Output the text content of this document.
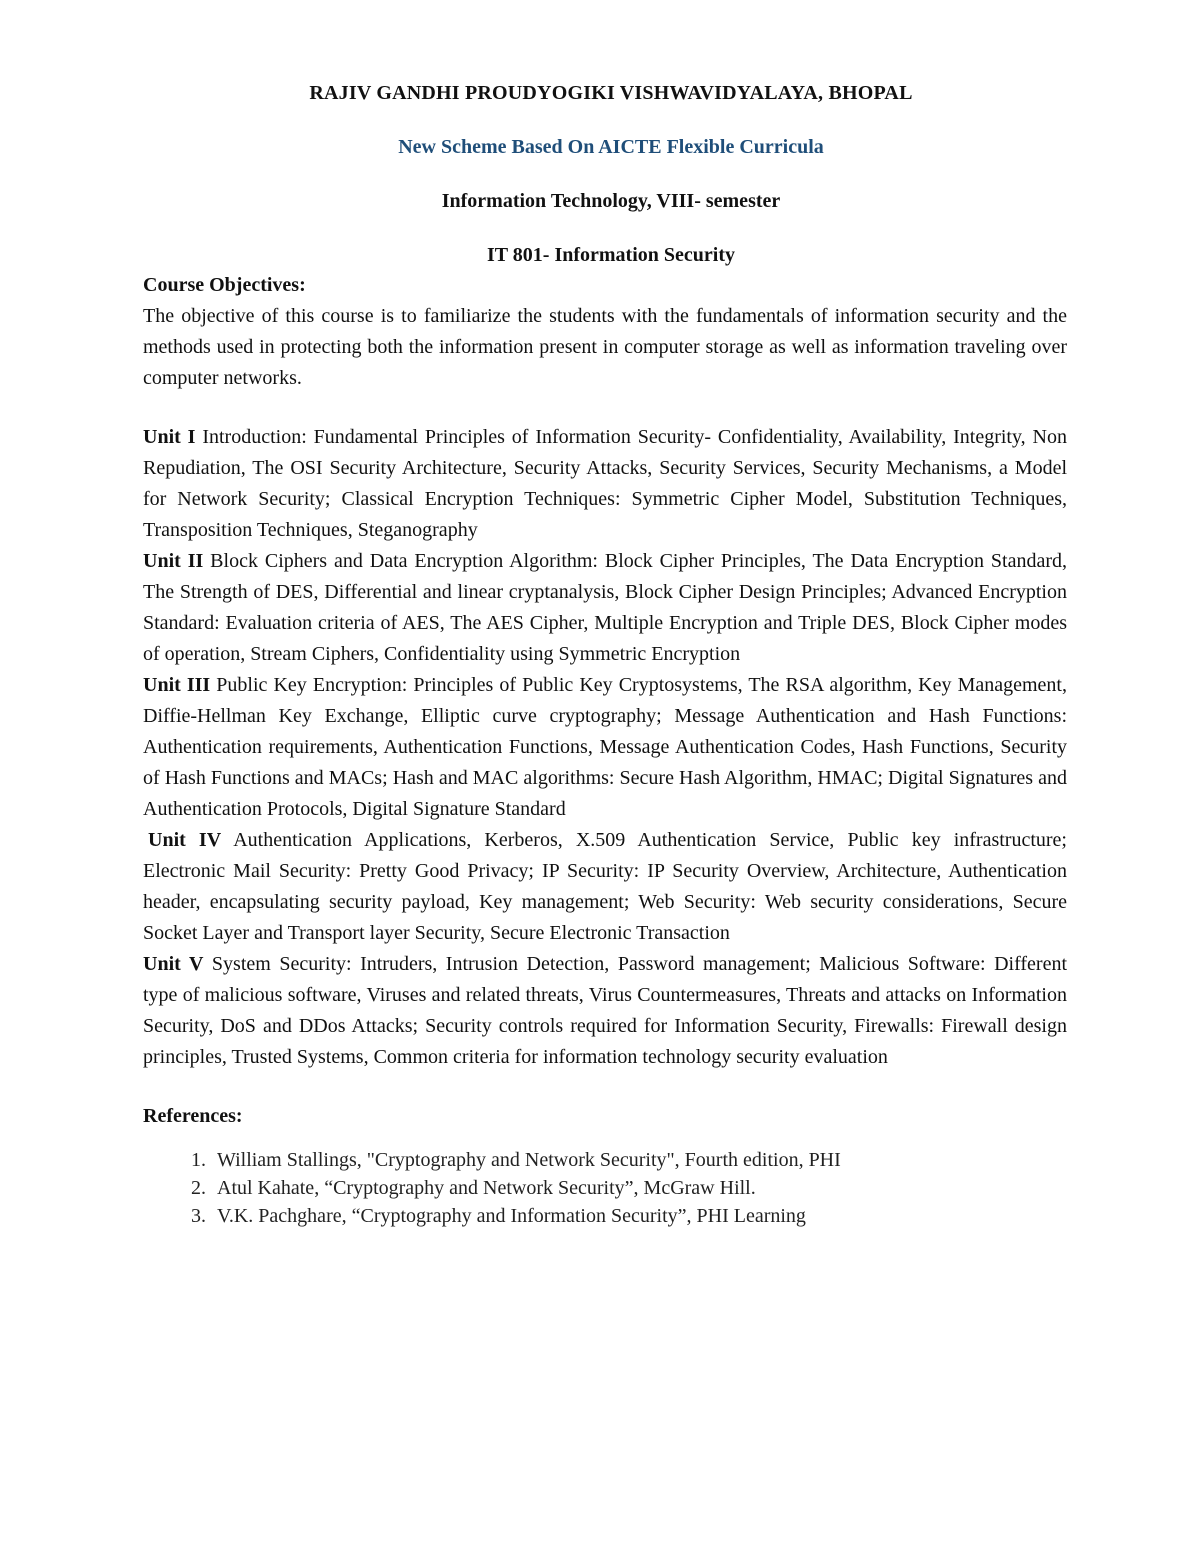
RAJIV GANDHI PROUDYOGIKI VISHWAVIDYALAYA, BHOPAL
New Scheme Based On AICTE Flexible Curricula
Information Technology, VIII- semester
IT 801- Information Security
Course Objectives:

The objective of this course is to familiarize the students with the fundamentals of information security and the methods used in protecting both the information present in computer storage as well as information traveling over computer networks.

Unit I Introduction: Fundamental Principles of Information Security- Confidentiality, Availability, Integrity, Non Repudiation, The OSI Security Architecture, Security Attacks, Security Services, Security Mechanisms, a Model for Network Security; Classical Encryption Techniques: Symmetric Cipher Model, Substitution Techniques, Transposition Techniques, Steganography

Unit II Block Ciphers and Data Encryption Algorithm: Block Cipher Principles, The Data Encryption Standard, The Strength of DES, Differential and linear cryptanalysis, Block Cipher Design Principles; Advanced Encryption Standard: Evaluation criteria of AES, The AES Cipher, Multiple Encryption and Triple DES, Block Cipher modes of operation, Stream Ciphers, Confidentiality using Symmetric Encryption

Unit III Public Key Encryption: Principles of Public Key Cryptosystems, The RSA algorithm, Key Management, Diffie-Hellman Key Exchange, Elliptic curve cryptography; Message Authentication and Hash Functions: Authentication requirements, Authentication Functions, Message Authentication Codes, Hash Functions, Security of Hash Functions and MACs; Hash and MAC algorithms: Secure Hash Algorithm, HMAC; Digital Signatures and Authentication Protocols, Digital Signature Standard

Unit IV Authentication Applications, Kerberos, X.509 Authentication Service, Public key infrastructure; Electronic Mail Security: Pretty Good Privacy; IP Security: IP Security Overview, Architecture, Authentication header, encapsulating security payload, Key management; Web Security: Web security considerations, Secure Socket Layer and Transport layer Security, Secure Electronic Transaction

Unit V System Security: Intruders, Intrusion Detection, Password management; Malicious Software: Different type of malicious software, Viruses and related threats, Virus Countermeasures, Threats and attacks on Information Security, DoS and DDos Attacks; Security controls required for Information Security, Firewalls: Firewall design principles, Trusted Systems, Common criteria for information technology security evaluation

References:
1. William Stallings, "Cryptography and Network Security", Fourth edition, PHI
2. Atul Kahate, “Cryptography and Network Security”, McGraw Hill.
3. V.K. Pachghare, “Cryptography and Information Security”, PHI Learning
